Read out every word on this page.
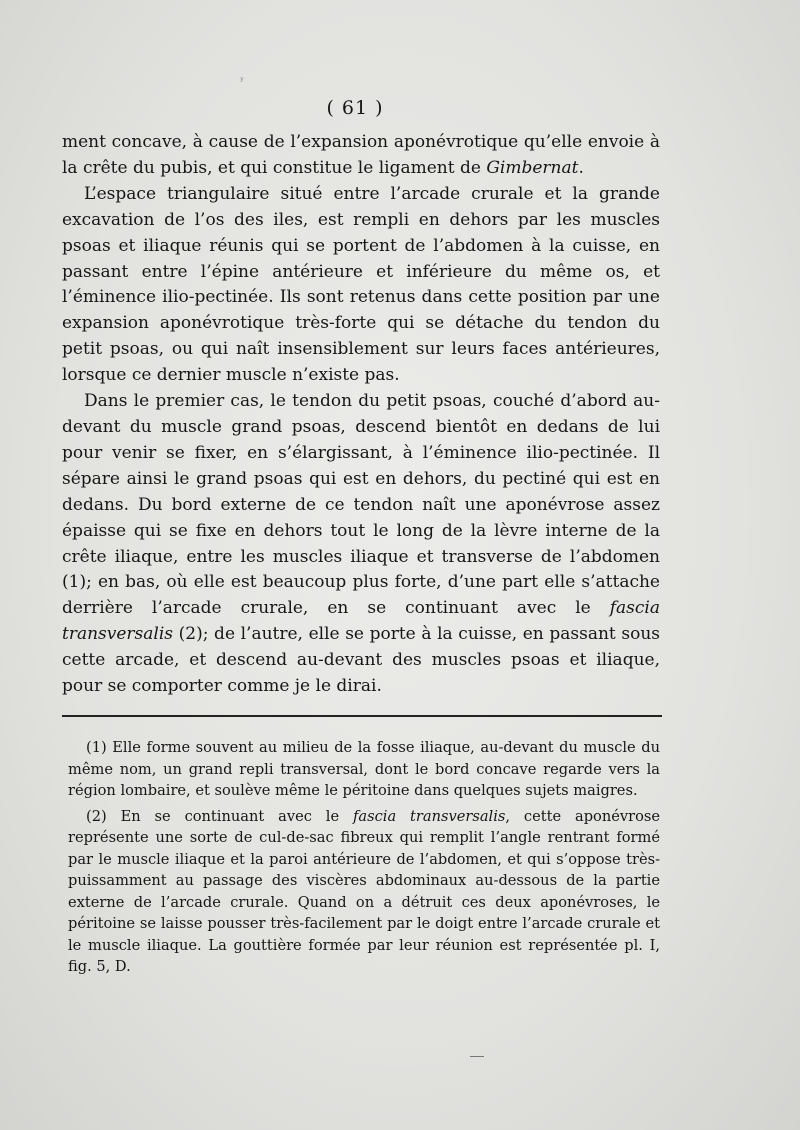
ʸ
( 61 )

ment concave, à cause de l’expansion aponévrotique qu’elle envoie à la crête du pubis, et qui constitue le ligament de Gimbernat.

L’espace triangulaire situé entre l’arcade crurale et la grande excavation de l’os des iles, est rempli en dehors par les muscles psoas et iliaque réunis qui se portent de l’abdomen à la cuisse, en passant entre l’épine antérieure et inférieure du même os, et l’éminence ilio-pectinée. Ils sont retenus dans cette position par une expansion aponévrotique très-forte qui se détache du tendon du petit psoas, ou qui naît insensiblement sur leurs faces antérieures, lorsque ce dernier muscle n’existe pas.

Dans le premier cas, le tendon du petit psoas, couché d’abord au-devant du muscle grand psoas, descend bientôt en dedans de lui pour venir se fixer, en s’élargissant, à l’éminence ilio-pectinée. Il sépare ainsi le grand psoas qui est en dehors, du pectiné qui est en dedans. Du bord externe de ce tendon naît une aponévrose assez épaisse qui se fixe en dehors tout le long de la lèvre interne de la crête iliaque, entre les muscles iliaque et transverse de l’abdomen (1); en bas, où elle est beaucoup plus forte, d’une part elle s’attache derrière l’arcade crurale, en se continuant avec le fascia transversalis (2); de l’autre, elle se porte à la cuisse, en passant sous cette arcade, et descend au-devant des muscles psoas et iliaque, pour se comporter comme je le dirai.

(1) Elle forme souvent au milieu de la fosse iliaque, au-devant du muscle du même nom, un grand repli transversal, dont le bord concave regarde vers la région lombaire, et soulève même le péritoine dans quelques sujets maigres.

(2) En se continuant avec le fascia transversalis, cette aponévrose représente une sorte de cul-de-sac fibreux qui remplit l’angle rentrant formé par le muscle iliaque et la paroi antérieure de l’abdomen, et qui s’oppose très-puissamment au passage des viscères abdominaux au-dessous de la partie externe de l’arcade crurale. Quand on a détruit ces deux aponévroses, le péritoine se laisse pousser très-facilement par le doigt entre l’arcade crurale et le muscle iliaque. La gouttière formée par leur réunion est représentée pl. I, fig. 5, D.
